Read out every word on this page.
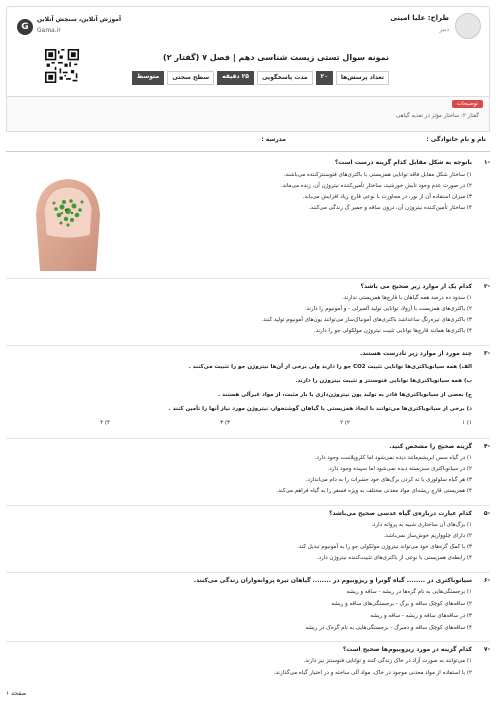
طراح: علیا امینی
دبیر
G
آموزش آنلاین، سنجش آنلاین
Gama.ir
نمونه سوال تستی زیست شناسی دهم | فصل ۷ (گفتار ۲)
تعداد پرسش‌ها
۲۰
مدت پاسخگویی
۲۵ دقیقه
سطح سختی
متوسط
توضیحات
گفتار ۲: ساختار مؤثر در تغذیه گیاهی
نام و نام خانوادگی :
مدرسه :
۱-
باتوجه به شکل مقابل کدام گزینه درست است؟
۱) ساختار شکل مقابل فاقد توانایی همزیستی با باکتری‌های فتوسنتزکننده می‌باشند.
۲) در صورت عدم وجود تابش خورشید، ساختار تأمین‌کننده نیتروژن آن، زنده می‌ماند.
۳) میزان استفاده آن از نور، در مجاورت با نوعی قارچ زیاد افزایش می‌یابد.
۴) ساختار تأمین‌کننده نیتروژن آن، درون ساقه و جمبر گ زندگی می‌کنند.
۲-
کدام یک از موارد زیر صحیح می باشد؟
۱) سدود ده درصد همه گیاهان با قارچ‌ها همزیستی ندارند.
۲) باکتری‌های همزیست با آزولا، توانایی تولید آلمیزلی - و آمونیوم را دارند.
۳) باکتری‌های تیره‌رنگ ساعداشد باکتری‌های آمونیاک‌ساز می‌توانند یون‌های آمونیوم تولید کنند.
۴) باکتری‌ها همانند قارچ‌ها توانایی تثبیت نیتروژن مولکولی جو را دارند.
۳-
چند مورد از موارد زیر نادرست هستند.
الف) همه سیانوباکتری‌ها توانایی تثبیت CO2 جو را دارند ولی برخی از آن‌ها نیتروژن جو را تثبیت می‌کنند .
ب) همه سیانوباکتری‌ها توانایی فتوسنتز و تثبیت نیتروژن را دارند.
ج) بعضی از سیانوباکتری‌ها قادر به تولید یون نیتروژن‌داری یا بار مثبت، از مواد غیرآلی هستند .
د) برخی از سیانوباکتری‌ها می‌توانند با ایجاد همزیستی با گیاهان گوشتخوار، نیتروژن مورد نیاز آنها را تأمین کنند .
۱) ۱
۲) ۲
۳) ۳
۴) ۴
۴-
گزینه صحیح را مشخص کنید.
۱) در گیاه سس ابریشم‌مانند دیده نمی‌شود اما کلروپلاست وجود دارد.
۲) در سیانوباکتری سبزبسته دیده نمی‌شود اما سپیده وجود دارد.
۳) هر گیاه سلولوزی با ته کردن برگ‌های خود حشرات را به دام می‌اندازد.
۴) همزیستی قارچ ریشه‌ای مواد معدنی مختلف به ویژه فسفر را به گیاه فراهم می‌کند.
۵-
کدام عبارت درباره‌ی گیاه عدسی صحیح می‌باشد؟
۱) برگ‌های آن ساختاری شبیه به پروانه دارد.
۲) دارای چلوواریم خوش‌ساز نمی‌باشد.
۳) با کمک گره‌های خود می‌تواند نیتروژن مولکولی جو را به آمونیوم تبدیل کند.
۴) رابطه‌ی همزیستی با نوعی از باکتری‌های تثبیت‌کننده نیتروژن دارد.
۶-
سیانوباکتری در ........ گیاه گونرا و ریزوبیوم در ........ گیاهان تیره پروانه‌واران زندگی می‌کنند.
۱) برجستگی‌هایی به نام گره‌ها در ریشه - ساقه و ریشه
۲) ساقه‌های کوچک ساقه و برگ - برجستگی‌های ساقه و ریشه
۳) در ساقه‌های ساقه و ریشه - ساقه و ریشه
۴) ساقه‌های کوچک ساقه و دمبرگ - برجستگی‌هایی به نام گره‌ک در ریشه
۷-
کدام گزینه در مورد ریزوبیوم‌ها صحیح است؟
۱) می‌توانند به صورت آزاد در خاک زندگی کنند و توانایی فتوسنتز نیز دارند.
۲) با استفاده از مواد معدنی موجود در خاک، مواد آلی ساخته و در اختیار گیاه می‌گذارند.
صفحه ۱
